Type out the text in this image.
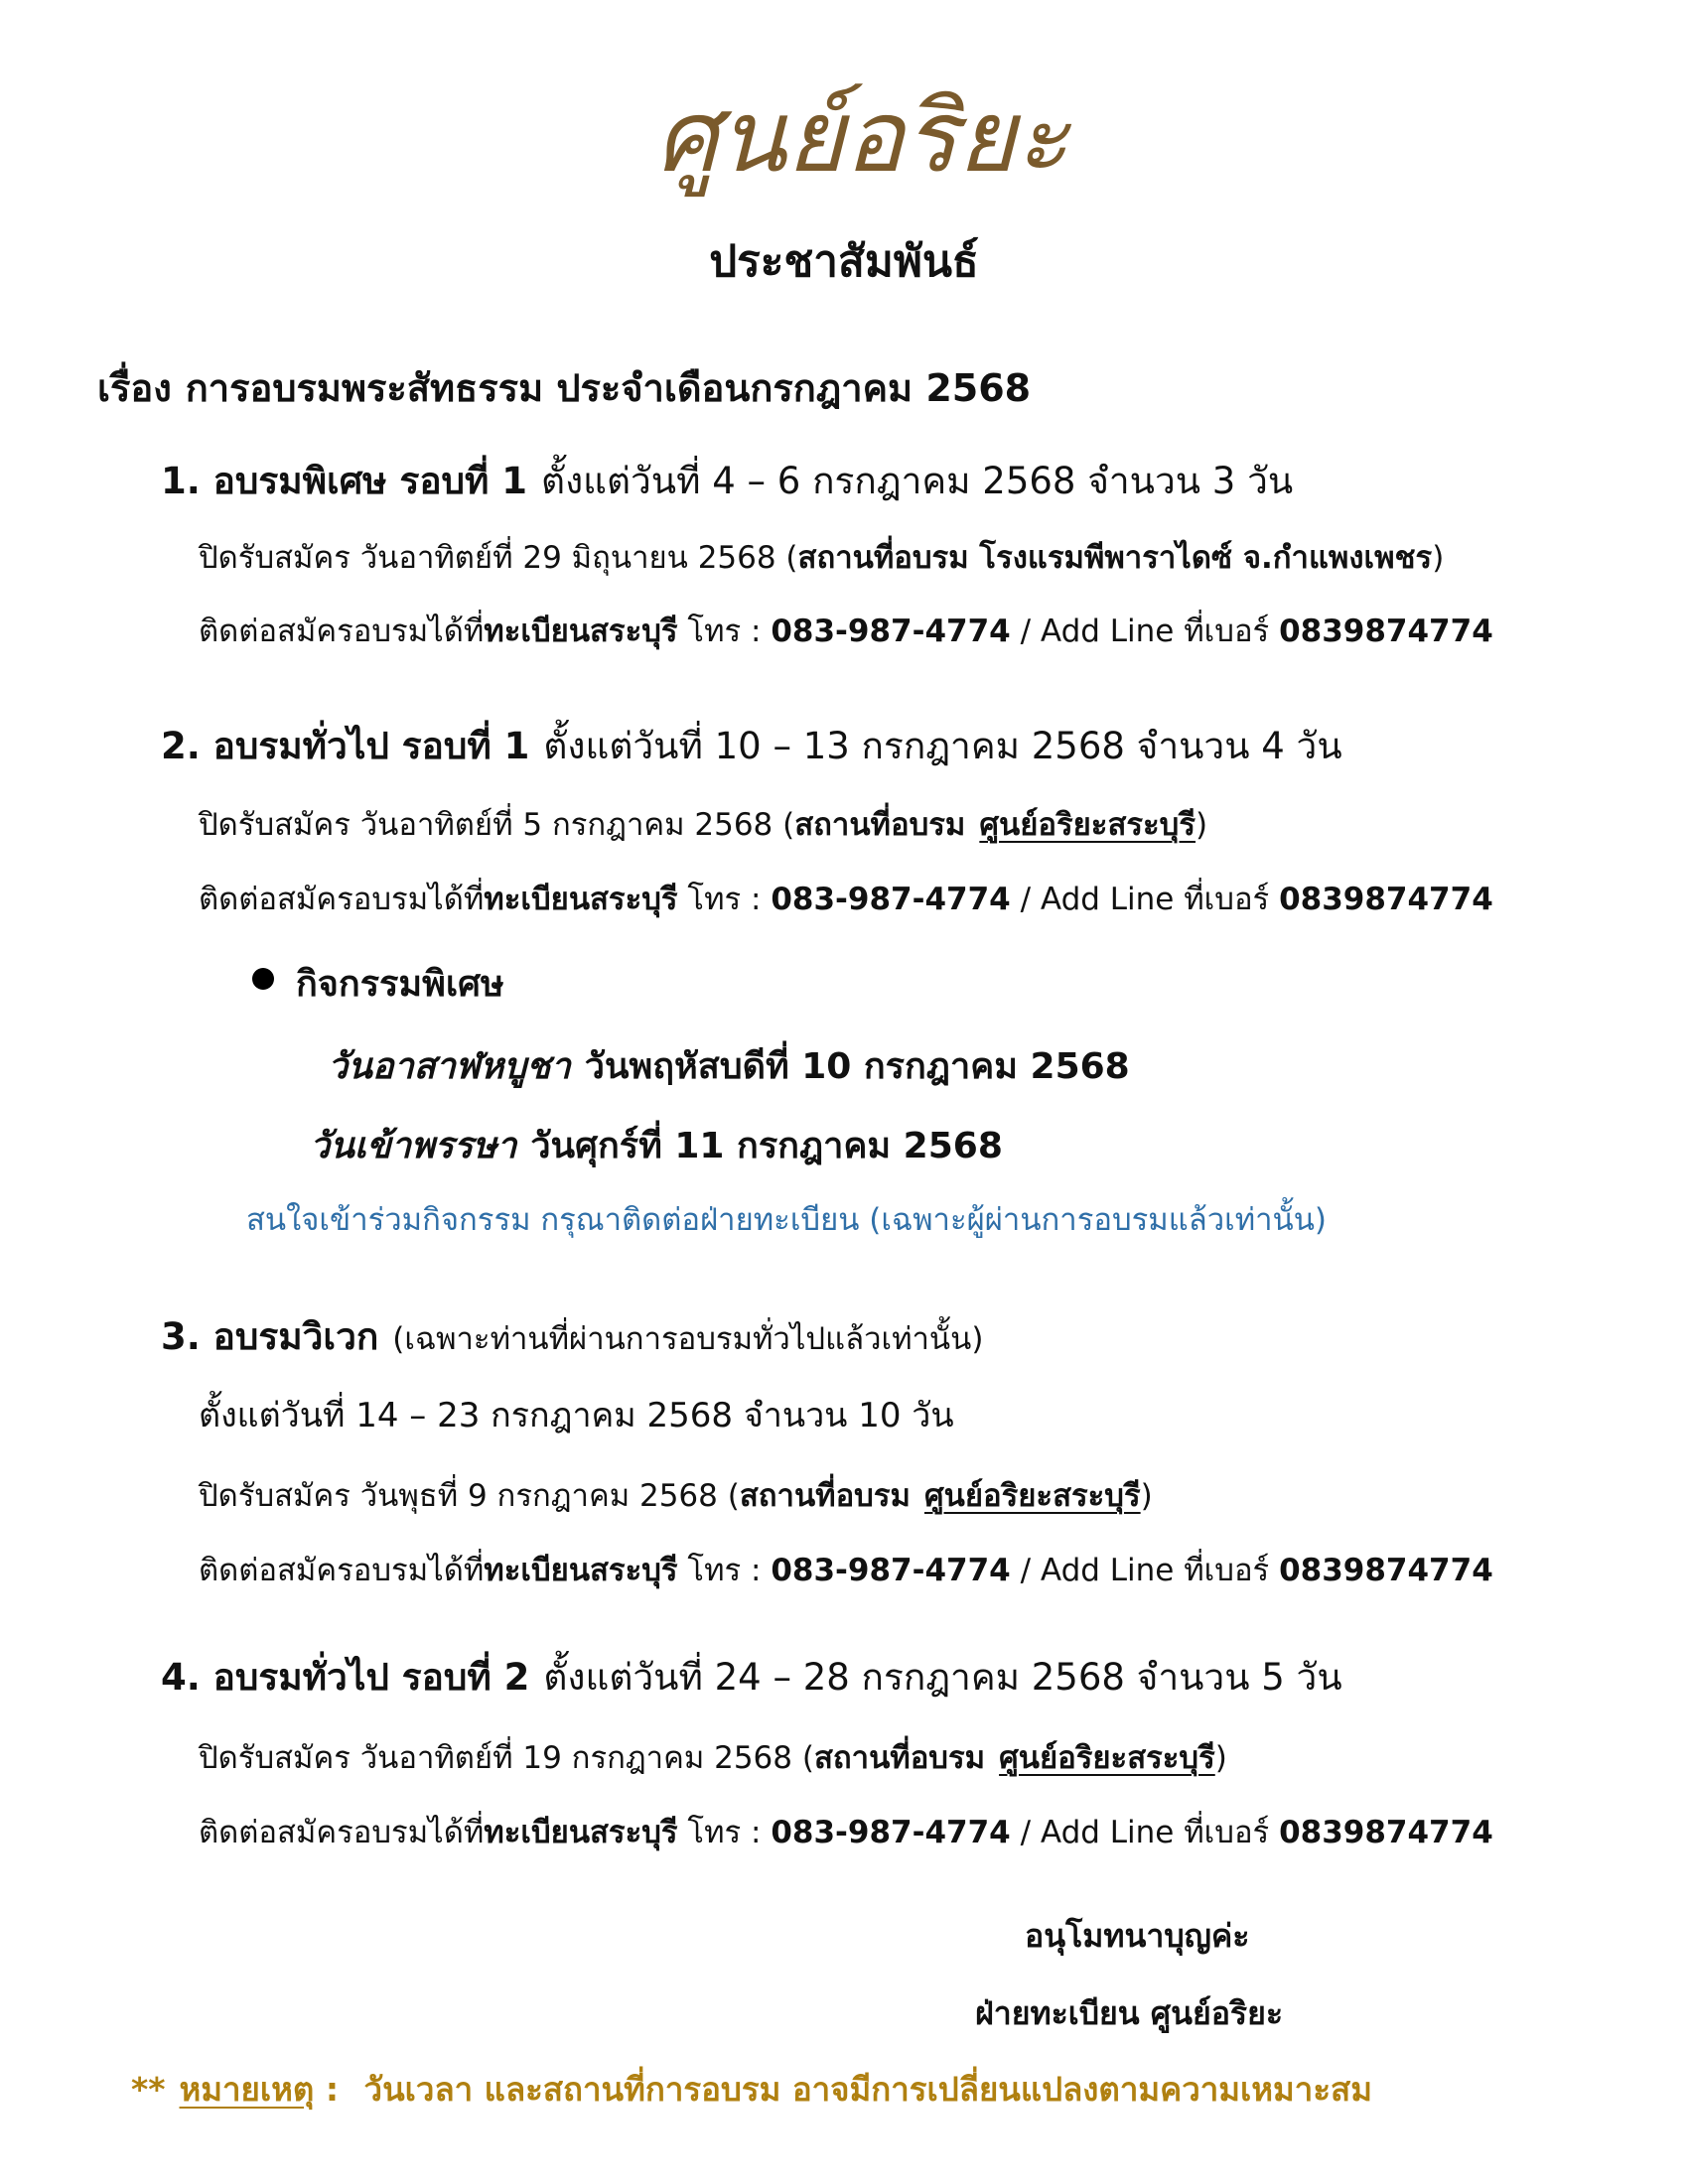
ศูนย์อริยะ
ประชาสัมพันธ์
เรื่อง การอบรมพระสัทธรรม ประจำเดือนกรกฎาคม 2568
1. อบรมพิเศษ รอบที่ 1 ตั้งแต่วันที่ 4 – 6 กรกฎาคม 2568 จำนวน 3 วัน
ปิดรับสมัคร วันอาทิตย์ที่ 29 มิถุนายน 2568 (สถานที่อบรม โรงแรมพีพาราไดซ์ จ.กำแพงเพชร)
ติดต่อสมัครอบรมได้ที่ทะเบียนสระบุรี โทร : 083-987-4774 / Add Line ที่เบอร์ 0839874774
2. อบรมทั่วไป รอบที่ 1 ตั้งแต่วันที่ 10 – 13 กรกฎาคม 2568 จำนวน 4 วัน
ปิดรับสมัคร วันอาทิตย์ที่ 5 กรกฎาคม 2568 (สถานที่อบรม ศูนย์อริยะสระบุรี)
ติดต่อสมัครอบรมได้ที่ทะเบียนสระบุรี โทร : 083-987-4774 / Add Line ที่เบอร์ 0839874774
กิจกรรมพิเศษ
วันอาสาฬหบูชา วันพฤหัสบดีที่ 10 กรกฎาคม 2568
วันเข้าพรรษา วันศุกร์ที่ 11 กรกฎาคม 2568
สนใจเข้าร่วมกิจกรรม กรุณาติดต่อฝ่ายทะเบียน (เฉพาะผู้ผ่านการอบรมแล้วเท่านั้น)
3. อบรมวิเวก (เฉพาะท่านที่ผ่านการอบรมทั่วไปแล้วเท่านั้น)
ตั้งแต่วันที่ 14 – 23 กรกฎาคม 2568 จำนวน 10 วัน
ปิดรับสมัคร วันพุธที่ 9 กรกฎาคม 2568 (สถานที่อบรม ศูนย์อริยะสระบุรี)
ติดต่อสมัครอบรมได้ที่ทะเบียนสระบุรี โทร : 083-987-4774 / Add Line ที่เบอร์ 0839874774
4. อบรมทั่วไป รอบที่ 2 ตั้งแต่วันที่ 24 – 28 กรกฎาคม 2568 จำนวน 5 วัน
ปิดรับสมัคร วันอาทิตย์ที่ 19 กรกฎาคม 2568 (สถานที่อบรม ศูนย์อริยะสระบุรี)
ติดต่อสมัครอบรมได้ที่ทะเบียนสระบุรี โทร : 083-987-4774 / Add Line ที่เบอร์ 0839874774
อนุโมทนาบุญค่ะ
ฝ่ายทะเบียน ศูนย์อริยะ
** หมายเหตุ : วันเวลา และสถานที่การอบรม อาจมีการเปลี่ยนแปลงตามความเหมาะสม
